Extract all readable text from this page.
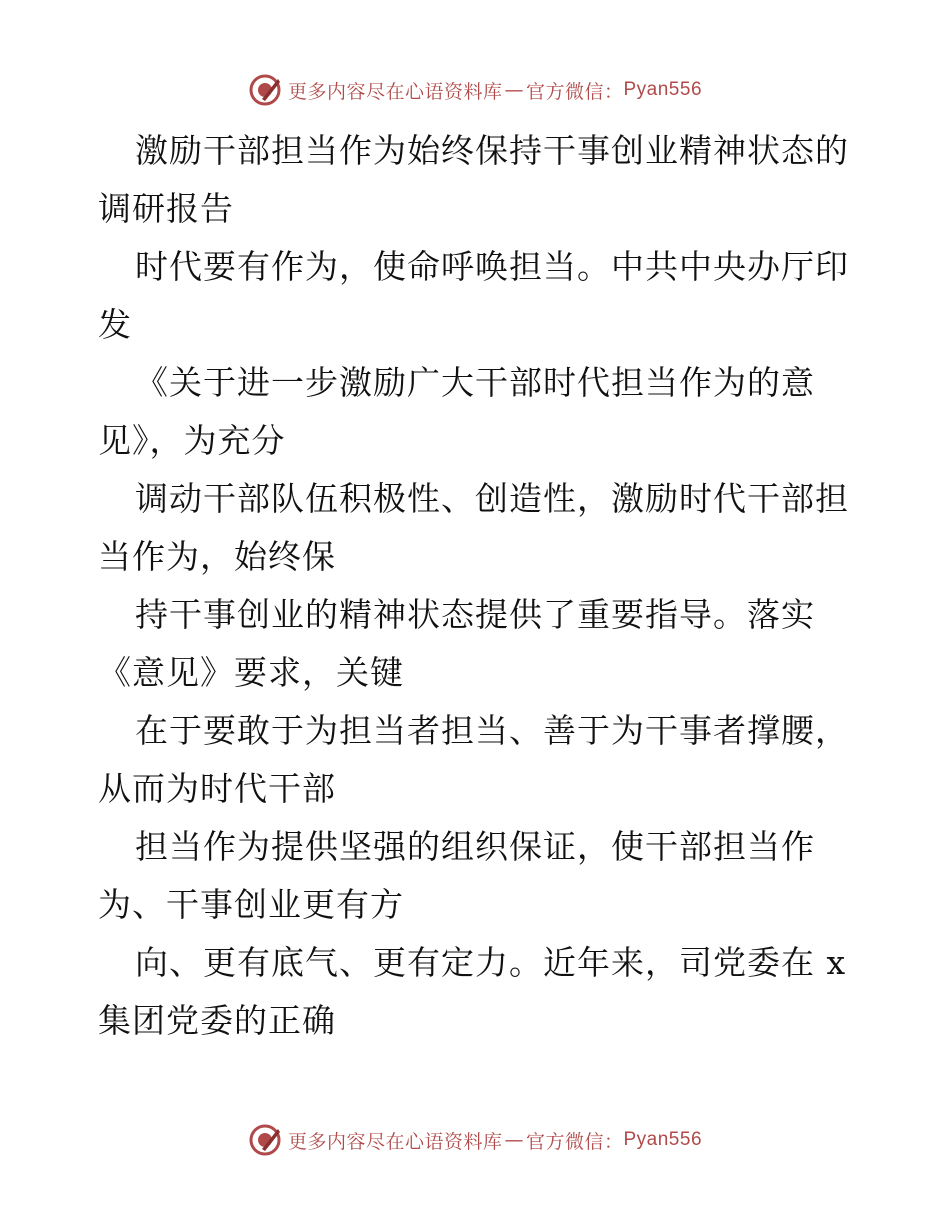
更多内容尽在心语资料库 — 官方微信： Pyan556

激励干部担当作为始终保持干事创业精神状态的
调研报告
时代要有作为，使命呼唤担当。中共中央办厅印
发
《关于进一步激励广大干部时代担当作为的意
见》，为充分
调动干部队伍积极性、创造性，激励时代干部担
当作为，始终保
持干事创业的精神状态提供了重要指导。落实
《意见》要求，关键
在于要敢于为担当者担当、善于为干事者撑腰，
从而为时代干部
担当作为提供坚强的组织保证，使干部担当作
为、干事创业更有方
向、更有底气、更有定力。近年来，司党委在 x
集团党委的正确

更多内容尽在心语资料库 — 官方微信： Pyan556
